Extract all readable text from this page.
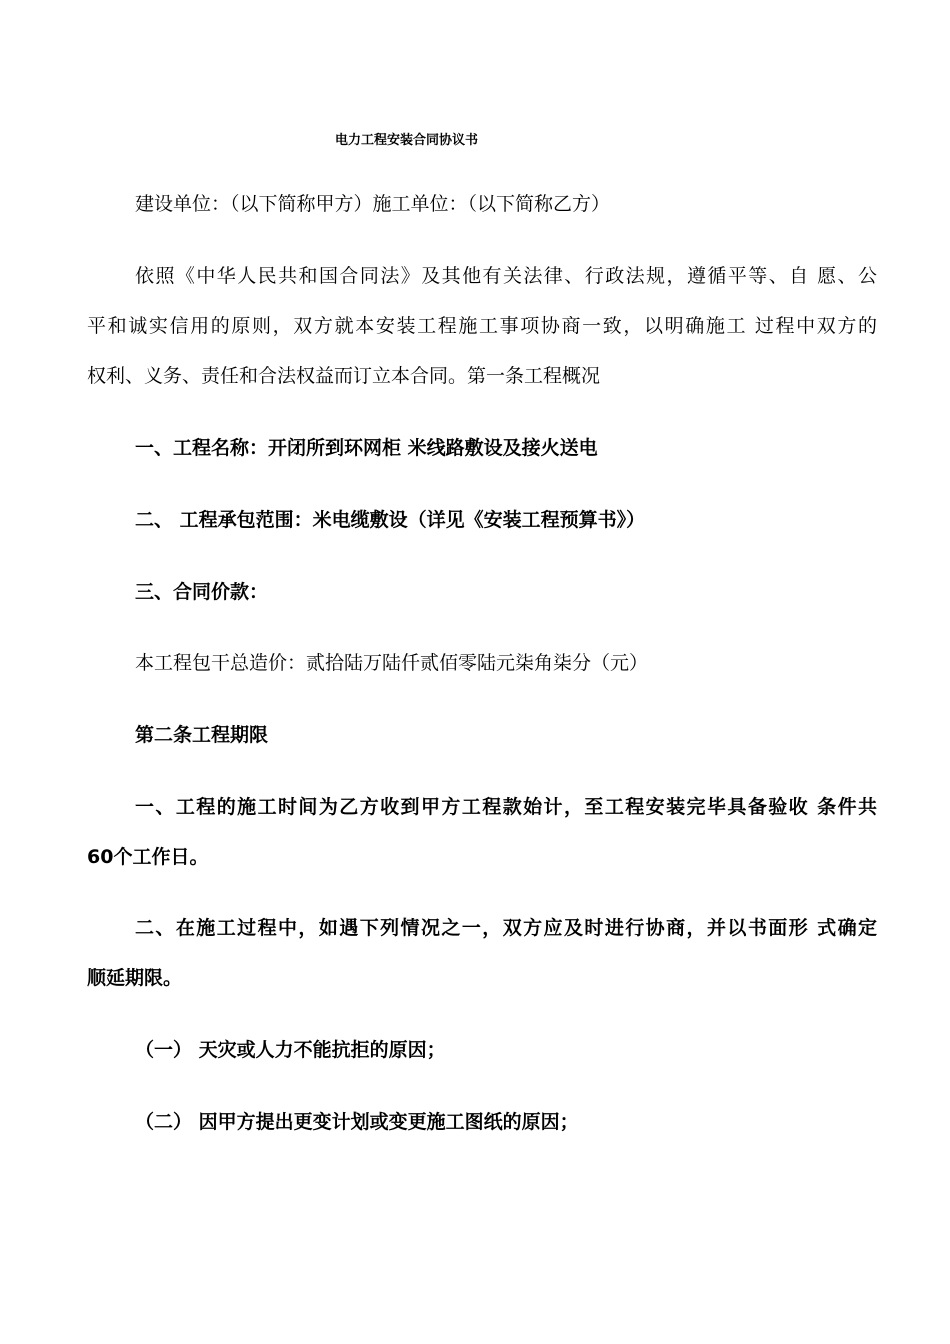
电力工程安装合同协议书

建设单位：（以下简称甲方）施工单位：（以下简称乙方）

依照《中华人民共和国合同法》及其他有关法律、行政法规，遵循平等、自 愿、公

平和诚实信用的原则，双方就本安装工程施工事项协商一致，以明确施工 过程中双方的

权利、义务、责任和合法权益而订立本合同。第一条工程概况

一、工程名称：开闭所到环网柜 米线路敷设及接火送电

二、 工程承包范围：米电缆敷设（详见《安装工程预算书》）

三、合同价款：

本工程包干总造价：贰拾陆万陆仟贰佰零陆元柒角柒分（元）

第二条工程期限

一、工程的施工时间为乙方收到甲方工程款始计，至工程安装完毕具备验收 条件共

60个工作日。

二、在施工过程中，如遇下列情况之一，双方应及时进行协商，并以书面形 式确定

顺延期限。

（一） 天灾或人力不能抗拒的原因；

（二） 因甲方提出更变计划或变更施工图纸的原因；
